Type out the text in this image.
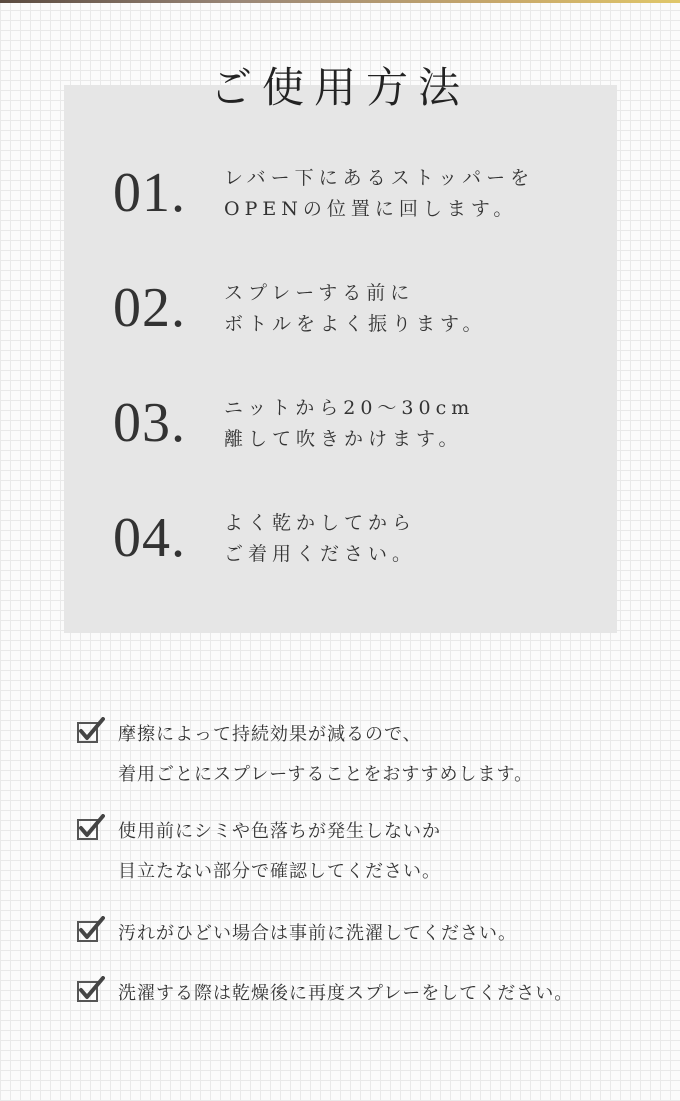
ご使用方法
01. レバー下にあるストッパーを
OPENの位置に回します。
02. スプレーする前に
ボトルをよく振ります。
03. ニットから20～30cm
離して吹きかけます。
04. よく乾かしてから
ご着用ください。
摩擦によって持続効果が減るので、
着用ごとにスプレーすることをおすすめします。
使用前にシミや色落ちが発生しないか
目立たない部分で確認してください。
汚れがひどい場合は事前に洗濯してください。
洗濯する際は乾燥後に再度スプレーをしてください。
